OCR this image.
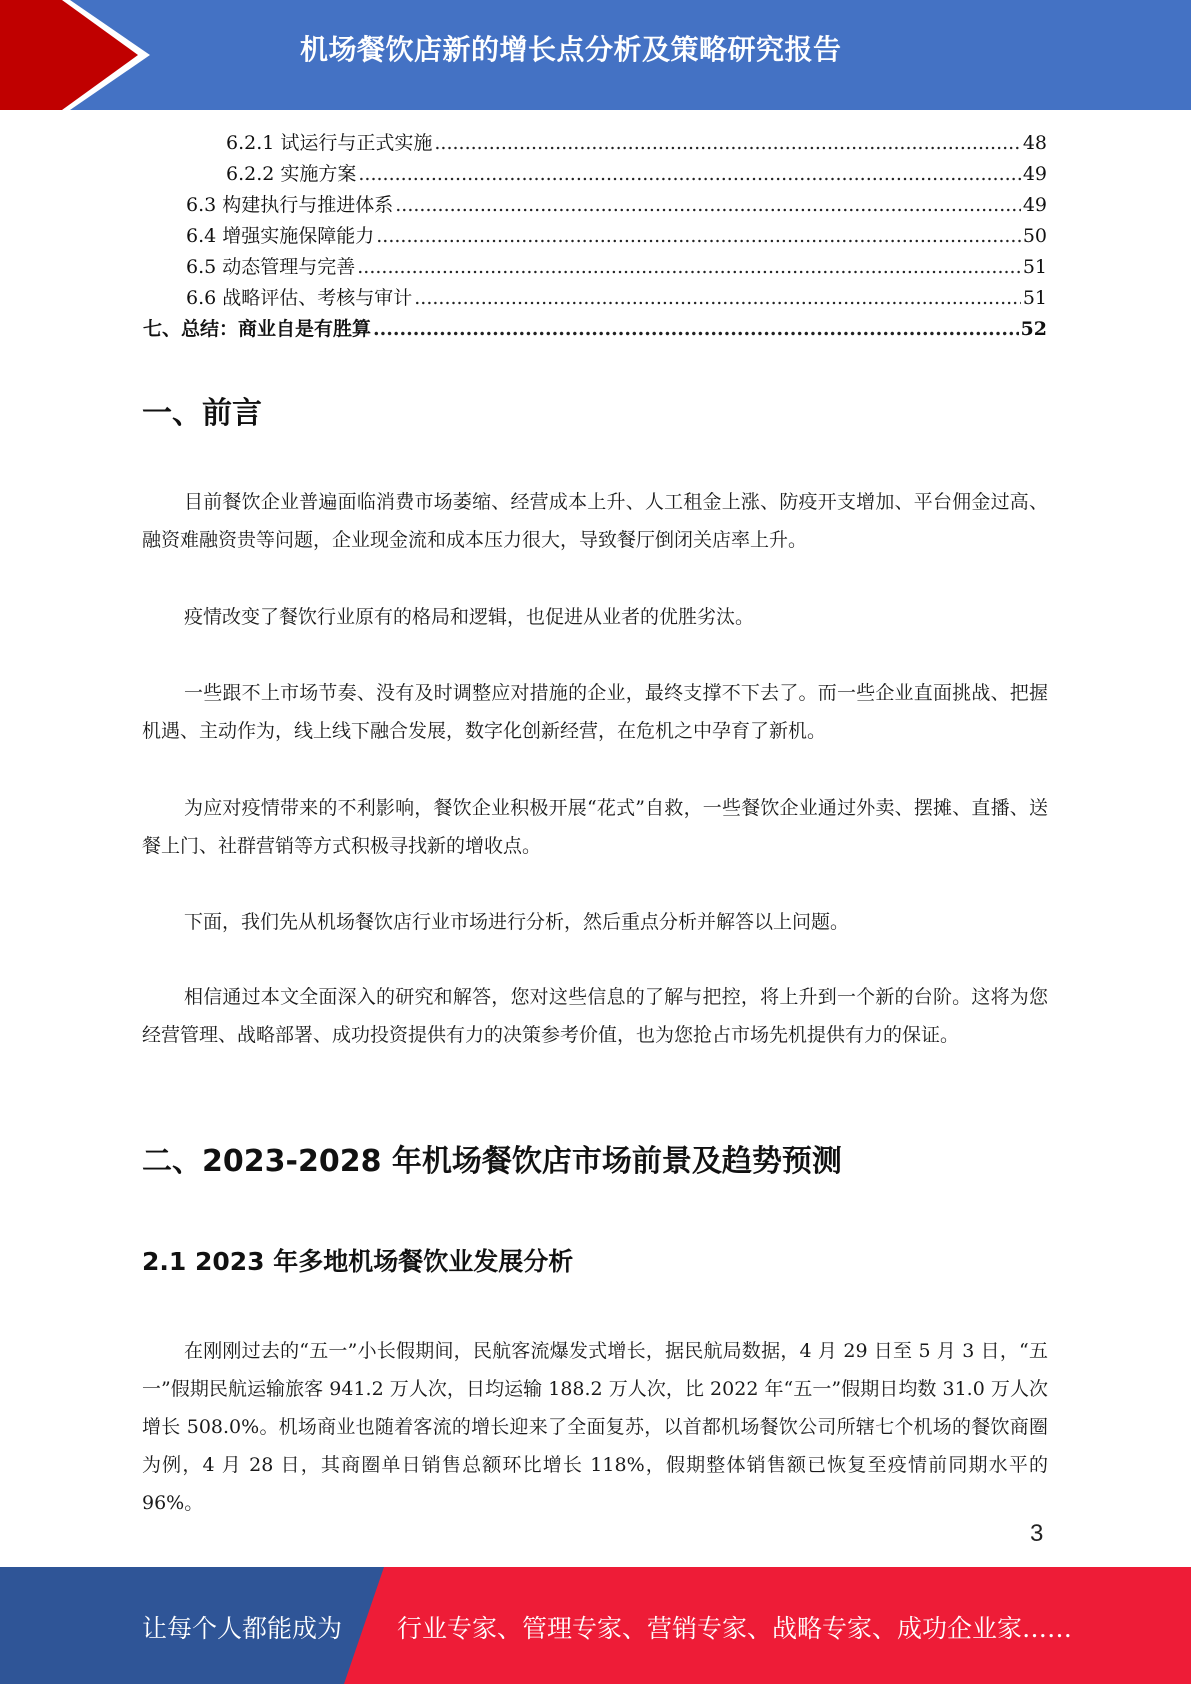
机场餐饮店新的增长点分析及策略研究报告
6.2.1 试运行与正式实施 .....	48
6.2.2 实施方案 .....	49
6.3 构建执行与推进体系 .....	49
6.4 增强实施保障能力 .....	50
6.5 动态管理与完善 .....	51
6.6 战略评估、考核与审计 .....	51
七、总结：商业自是有胜算 .....	52
一、前言
目前餐饮企业普遍面临消费市场萎缩、经营成本上升、人工租金上涨、防疫开支增加、平台佣金过高、融资难融资贵等问题，企业现金流和成本压力很大，导致餐厅倒闭关店率上升。
疫情改变了餐饮行业原有的格局和逻辑，也促进从业者的优胜劣汰。
一些跟不上市场节奏、没有及时调整应对措施的企业，最终支撑不下去了。而一些企业直面挑战、把握机遇、主动作为，线上线下融合发展，数字化创新经营，在危机之中孕育了新机。
为应对疫情带来的不利影响，餐饮企业积极开展“花式”自救，一些餐饮企业通过外卖、摆摊、直播、送餐上门、社群营销等方式积极寻找新的增收点。
下面，我们先从机场餐饮店行业市场进行分析，然后重点分析并解答以上问题。
相信通过本文全面深入的研究和解答，您对这些信息的了解与把控，将上升到一个新的台阶。这将为您经营管理、战略部署、成功投资提供有力的决策参考价值，也为您抢占市场先机提供有力的保证。
二、2023-2028 年机场餐饮店市场前景及趋势预测
2.1 2023 年多地机场餐饮业发展分析
在刚刚过去的“五一”小长假期间，民航客流爆发式增长，据民航局数据，4 月 29 日至 5 月 3 日，“五一”假期民航运输旅客 941.2 万人次，日均运输 188.2 万人次，比 2022 年“五一”假期日均数 31.0 万人次增长 508.0%。机场商业也随着客流的增长迎来了全面复苏，以首都机场餐饮公司所辖七个机场的餐饮商圈为例，4 月 28 日，其商圈单日销售总额环比增长 118%，假期整体销售额已恢复至疫情前同期水平的 96%。
3
让每个人都能成为 行业专家、管理专家、营销专家、战略专家、成功企业家……
